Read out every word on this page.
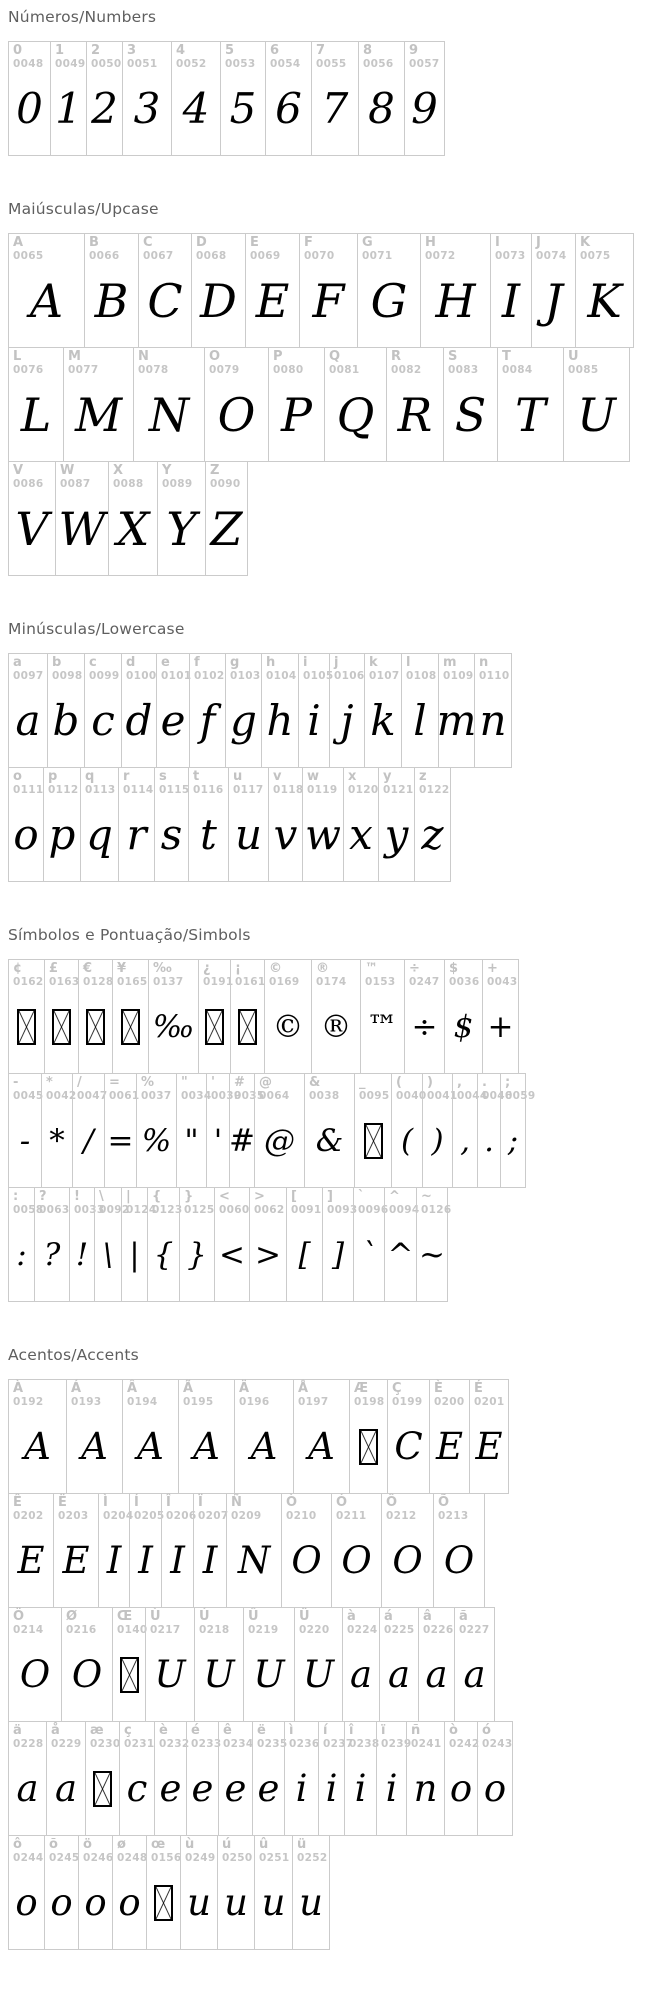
Números/Numbers
0
0048
0
1
0049
1
2
0050
2
3
0051
3
4
0052
4
5
0053
5
6
0054
6
7
0055
7
8
0056
8
9
0057
9
Maiúsculas/Upcase
A
0065
A
B
0066
B
C
0067
C
D
0068
D
E
0069
E
F
0070
F
G
0071
G
H
0072
H
I
0073
I
J
0074
J
K
0075
K
L
0076
L
M
0077
M
N
0078
N
O
0079
O
P
0080
P
Q
0081
Q
R
0082
R
S
0083
S
T
0084
T
U
0085
U
V
0086
V
W
0087
W
X
0088
X
Y
0089
Y
Z
0090
Z
Minúsculas/Lowercase
a
0097
a
b
0098
b
c
0099
c
d
0100
d
e
0101
e
f
0102
f
g
0103
g
h
0104
h
i
0105
i
j
0106
j
k
0107
k
l
0108
l
m
0109
m
n
0110
n
o
0111
o
p
0112
p
q
0113
q
r
0114
r
s
0115
s
t
0116
t
u
0117
u
v
0118
v
w
0119
w
x
0120
x
y
0121
y
z
0122
z
Símbolos e Pontuação/Simbols
¢
0162
£
0163
€
0128
¥
0165
‰
0137
‰
¿
0191
¡
0161
©
0169
©
®
0174
®
™
0153
™
÷
0247
÷
$
0036
$
+
0043
+
-
0045
-
*
0042
*
/
0047
/
=
0061
=
%
0037
%
"
0034
"
'
0039
'
#
0035
#
@
0064
@
&
0038
&
_
0095
(
0040
(
)
0041
)
,
0044
,
.
0046
.
;
0059
;
:
0058
:
?
0063
?
!
0033
!
\
0092
\
|
0124
|
{
0123
{
}
0125
}
<
0060
<
>
0062
>
[
0091
[
]
0093
]
`
0096
`
^
0094
^
~
0126
~
Acentos/Accents
À
0192
A
Á
0193
A
Â
0194
A
Ã
0195
A
Ä
0196
A
Å
0197
A
Æ
0198
Ç
0199
C
È
0200
E
É
0201
E
Ê
0202
E
Ë
0203
E
Ì
0204
I
Í
0205
I
Î
0206
I
Ï
0207
I
Ñ
0209
N
Ò
0210
O
Ó
0211
O
Ô
0212
O
Õ
0213
O
Ö
0214
O
Ø
0216
O
Œ
0140
Ù
0217
U
Ú
0218
U
Û
0219
U
Ü
0220
U
à
0224
a
á
0225
a
â
0226
a
ã
0227
a
ä
0228
a
å
0229
a
æ
0230
ç
0231
c
è
0232
e
é
0233
e
ê
0234
e
ë
0235
e
ì
0236
i
í
0237
i
î
0238
i
ï
0239
i
ñ
0241
n
ò
0242
o
ó
0243
o
ô
0244
o
õ
0245
o
ö
0246
o
ø
0248
o
œ
0156
ù
0249
u
ú
0250
u
û
0251
u
ü
0252
u
